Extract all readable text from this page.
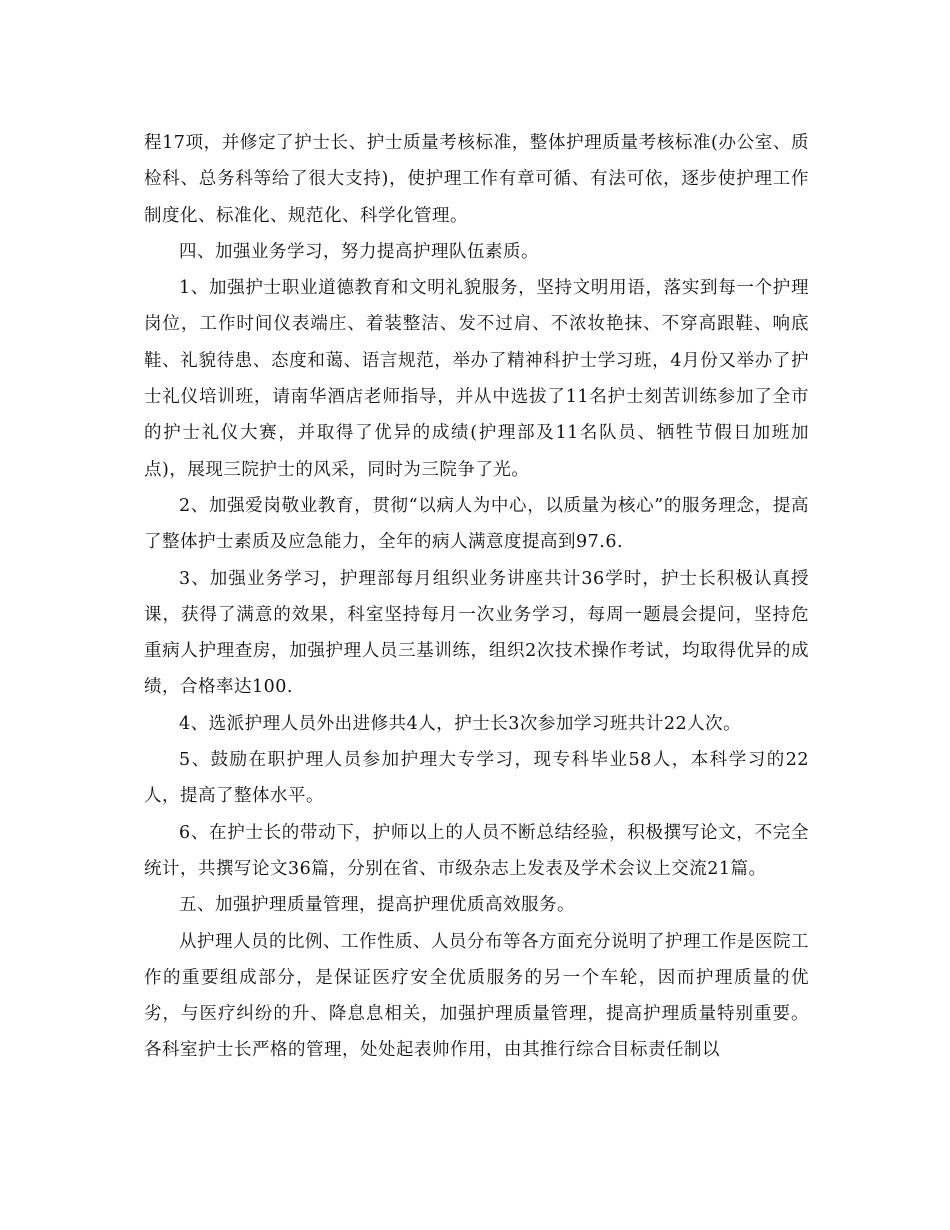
程17项，并修定了护士长、护士质量考核标准，整体护理质量考核标准(办公室、质检科、总务科等给了很大支持)，使护理工作有章可循、有法可依，逐步使护理工作制度化、标准化、规范化、科学化管理。

四、加强业务学习，努力提高护理队伍素质。

1、加强护士职业道德教育和文明礼貌服务，坚持文明用语，落实到每一个护理岗位，工作时间仪表端庄、着装整洁、发不过肩、不浓妆艳抹、不穿高跟鞋、响底鞋、礼貌待患、态度和蔼、语言规范，举办了精神科护士学习班，4月份又举办了护士礼仪培训班，请南华酒店老师指导，并从中选拔了11名护士刻苦训练参加了全市的护士礼仪大赛，并取得了优异的成绩(护理部及11名队员、牺牲节假日加班加点)，展现三院护士的风采，同时为三院争了光。

2、加强爱岗敬业教育，贯彻“以病人为中心，以质量为核心”的服务理念，提高了整体护士素质及应急能力，全年的病人满意度提高到97.6.

3、加强业务学习，护理部每月组织业务讲座共计36学时，护士长积极认真授课，获得了满意的效果，科室坚持每月一次业务学习，每周一题晨会提问，坚持危重病人护理查房，加强护理人员三基训练，组织2次技术操作考试，均取得优异的成绩，合格率达100.

4、选派护理人员外出进修共4人，护士长3次参加学习班共计22人次。

5、鼓励在职护理人员参加护理大专学习，现专科毕业58人，本科学习的22人，提高了整体水平。

6、在护士长的带动下，护师以上的人员不断总结经验，积极撰写论文，不完全统计，共撰写论文36篇，分别在省、市级杂志上发表及学术会议上交流21篇。

五、加强护理质量管理，提高护理优质高效服务。

从护理人员的比例、工作性质、人员分布等各方面充分说明了护理工作是医院工作的重要组成部分，是保证医疗安全优质服务的另一个车轮，因而护理质量的优劣，与医疗纠纷的升、降息息相关，加强护理质量管理，提高护理质量特别重要。各科室护士长严格的管理，处处起表帅作用，由其推行综合目标责任制以
